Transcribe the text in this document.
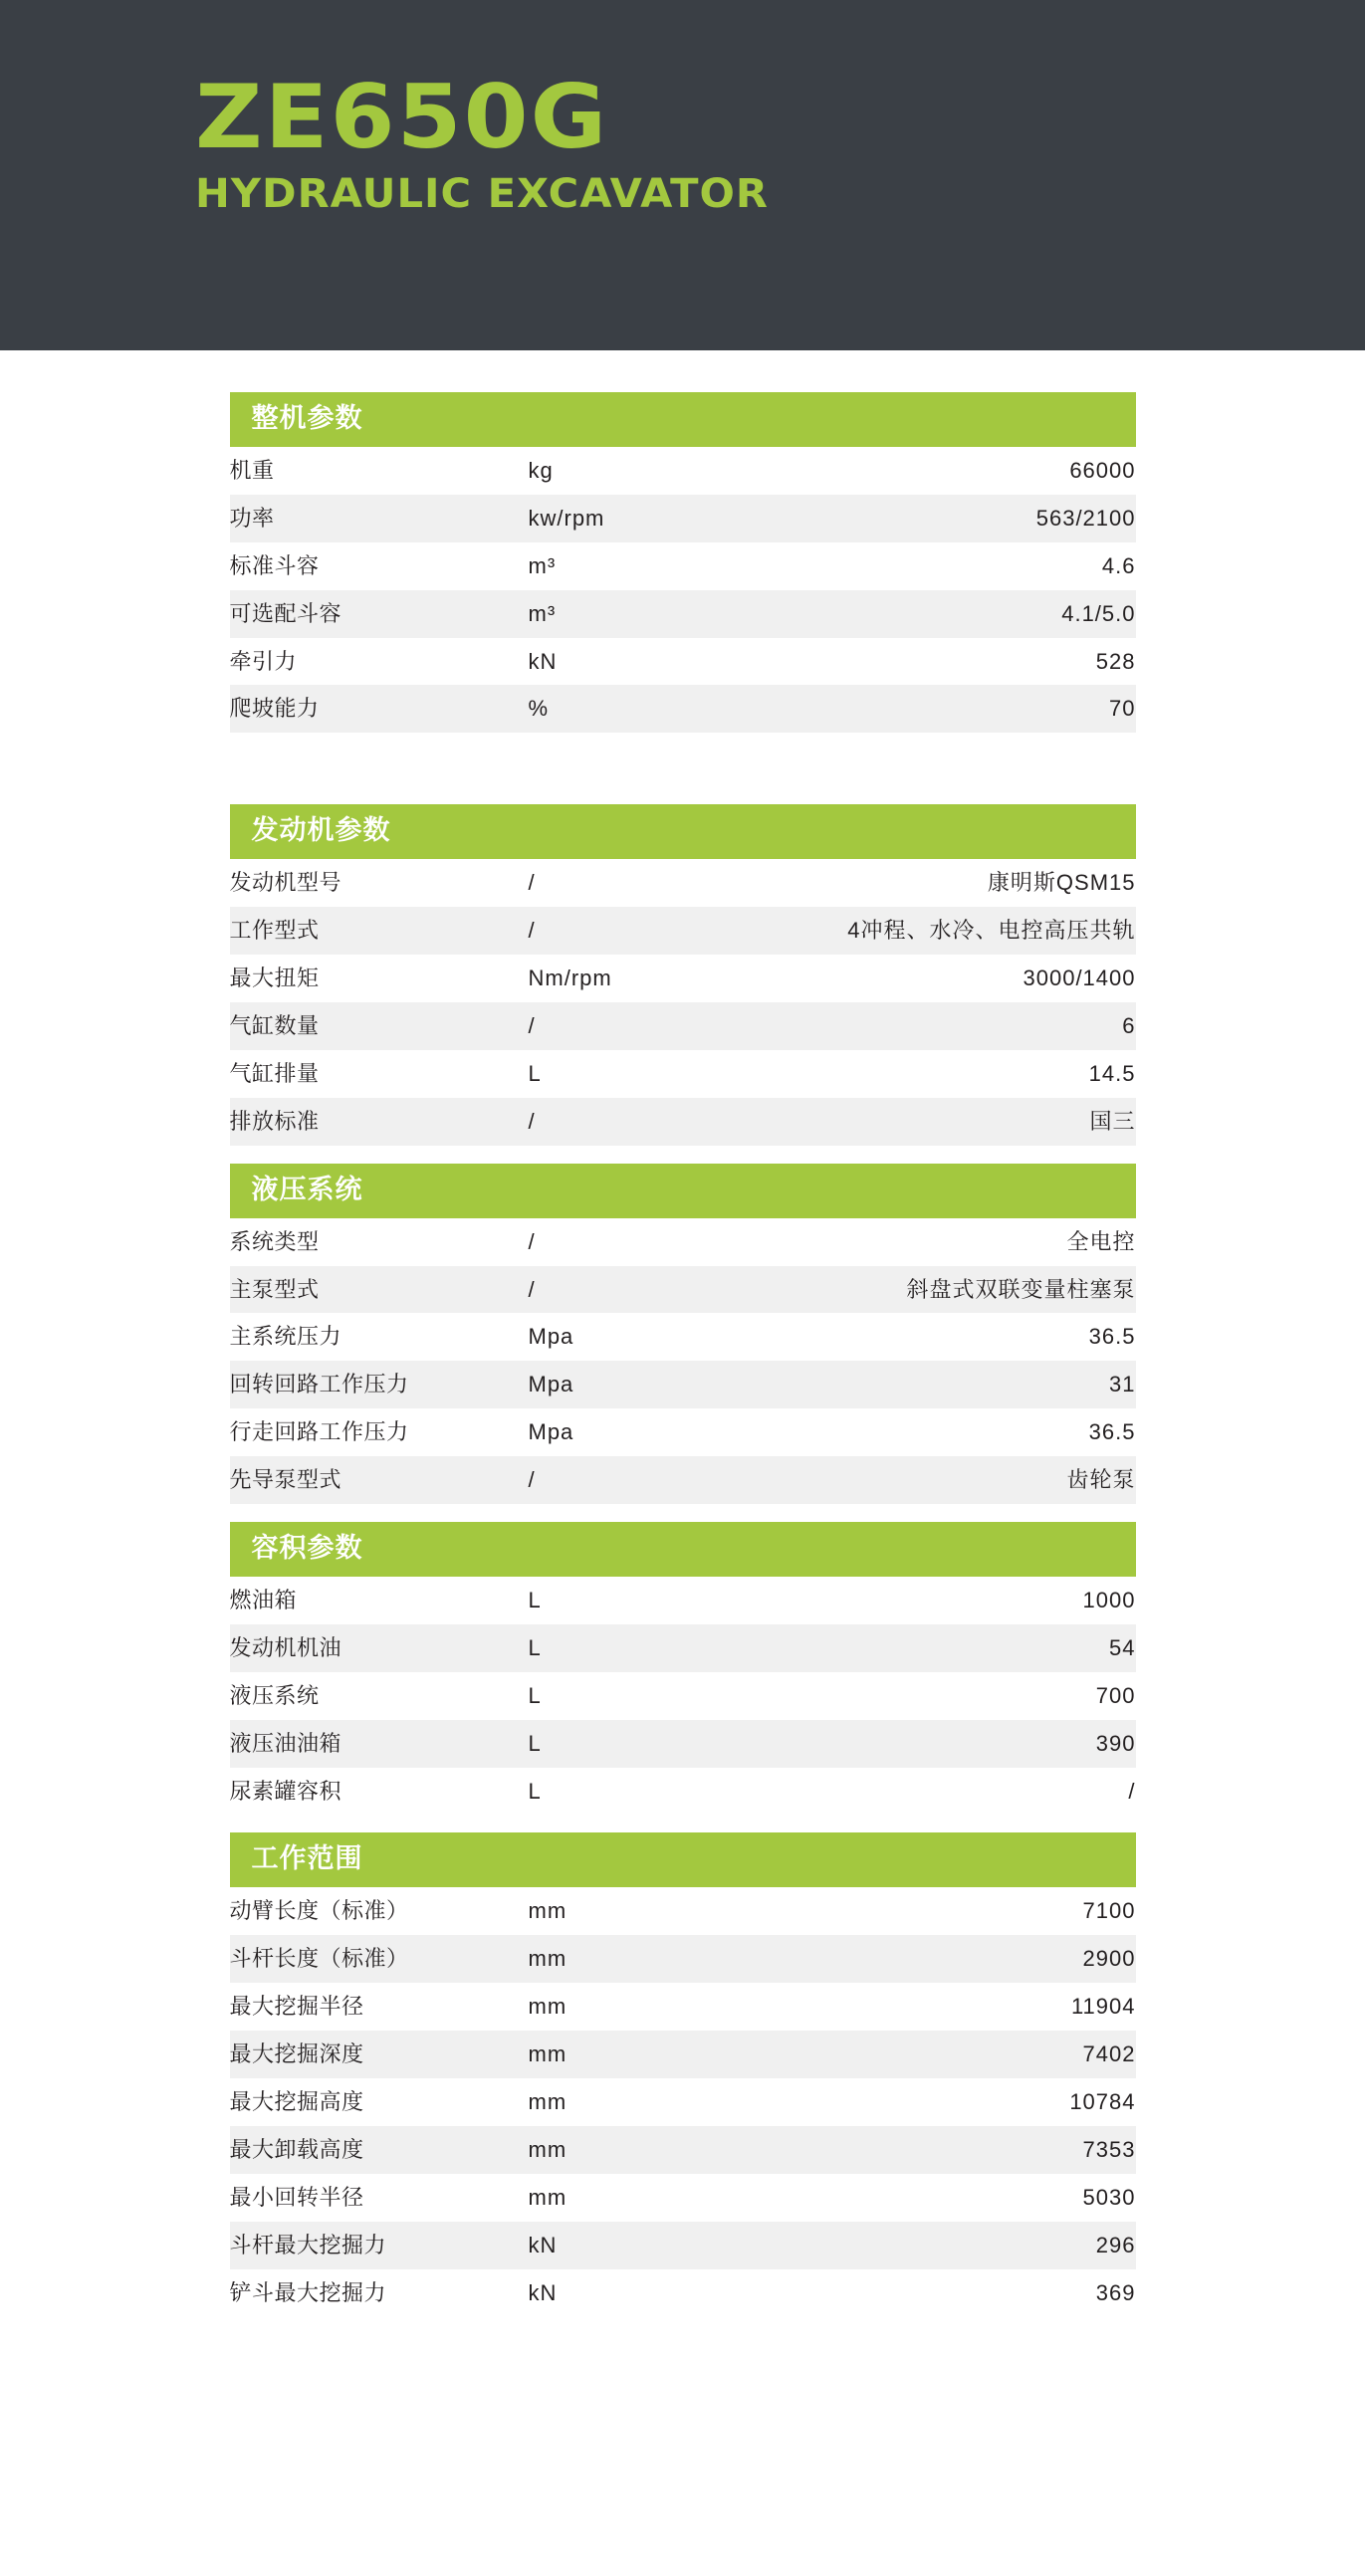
ZE650G
HYDRAULIC EXCAVATOR
整机参数
机重	kg	66000
功率	kw/rpm	563/2100
标准斗容	m³	4.6
可选配斗容	m³	4.1/5.0
牵引力	kN	528
爬坡能力	%	70

发动机参数
发动机型号	/	康明斯QSM15
工作型式	/	4冲程、水冷、电控高压共轨
最大扭矩	Nm/rpm	3000/1400
气缸数量	/	6
气缸排量	L	14.5
排放标准	/	国三
液压系统
系统类型	/	全电控
主泵型式	/	斜盘式双联变量柱塞泵
主系统压力	Mpa	36.5
回转回路工作压力	Mpa	31
行走回路工作压力	Mpa	36.5
先导泵型式	/	齿轮泵
容积参数
燃油箱	L	1000
发动机机油	L	54
液压系统	L	700
液压油油箱	L	390
尿素罐容积	L	/
工作范围
动臂长度（标准）	mm	7100
斗杆长度（标准）	mm	2900
最大挖掘半径	mm	11904
最大挖掘深度	mm	7402
最大挖掘高度	mm	10784
最大卸载高度	mm	7353
最小回转半径	mm	5030
斗杆最大挖掘力	kN	296
铲斗最大挖掘力	kN	369
